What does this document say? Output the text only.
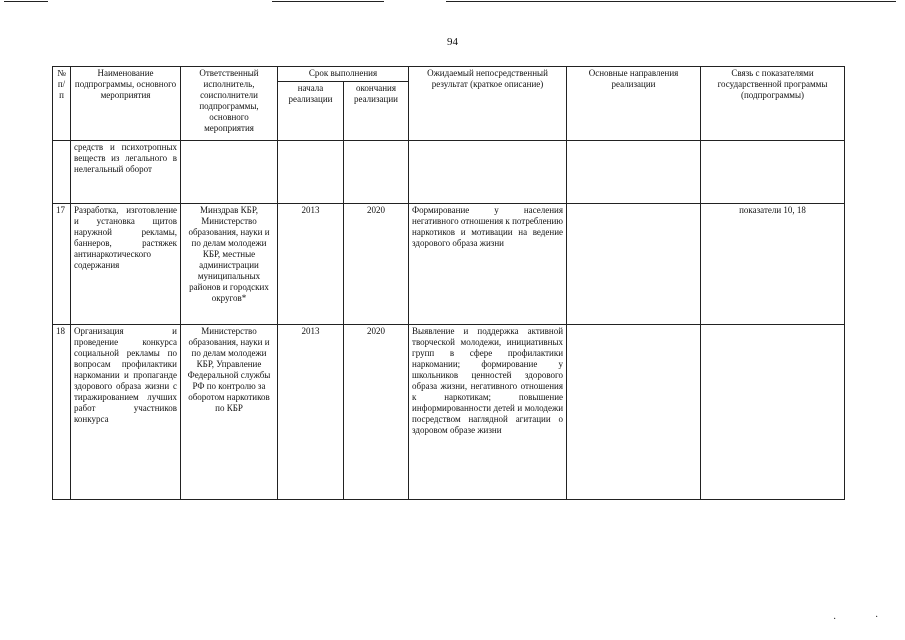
94
№ п/ п	Наименование подпрограммы, основного мероприятия	Ответственный исполнитель, соисполнители подпрограммы, основного мероприятия	Срок выполнения		Ожидаемый непосредственный результат (краткое описание)	Основные направления реализации	Связь с показателями государственной программы (подпрограммы)
			начала реализации	окончания реализации			
	средств и психотропных веществ из легального в нелегальный оборот						
17	Разработка, изготовление и установка щитов наружной рекламы, баннеров, растяжек антинаркотического содержания	Минздрав КБР, Министерство образования, науки и по делам молодежи КБР, местные администрации муниципальных районов и городских округов*	2013	2020	Формирование у населения негативного отношения к потреблению наркотиков и мотивации на ведение здорового образа жизни		показатели 10, 18
18	Организация и проведение конкурса социальной рекламы по вопросам профилактики наркомании и пропаганде здорового образа жизни с тиражированием лучших работ участников конкурса	Министерство образования, науки и по делам молодежи КБР, Управление Федеральной службы РФ по контролю за оборотом наркотиков по КБР	2013	2020	Выявление и поддержка активной творческой молодежи, инициативных групп в сфере профилактики наркомании; формирование у школьников ценностей здорового образа жизни, негативного отношения к наркотикам; повышение информированности детей и молодежи посредством наглядной агитации о здоровом образе жизни		
·	·
